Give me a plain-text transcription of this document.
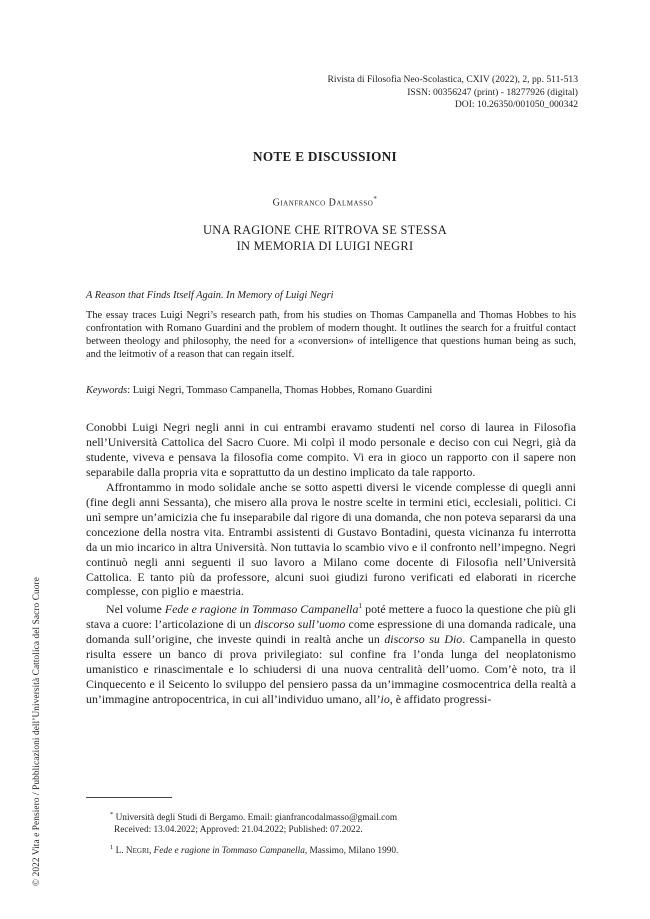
Rivista di Filosofia Neo-Scolastica, CXIV (2022), 2, pp. 511-513
ISSN: 00356247 (print) - 18277926 (digital)
DOI: 10.26350/001050_000342
NOTE E DISCUSSIONI
Gianfranco Dalmasso*
UNA RAGIONE CHE RITROVA SE STESSA
IN MEMORIA DI LUIGI NEGRI
A Reason that Finds Itself Again. In Memory of Luigi Negri
The essay traces Luigi Negri’s research path, from his studies on Thomas Campanella and Thomas Hobbes to his confrontation with Romano Guardini and the problem of modern thought. It outlines the search for a fruitful contact between theology and philosophy, the need for a «conversion» of intelligence that questions human being as such, and the leitmotiv of a reason that can regain itself.
Keywords: Luigi Negri, Tommaso Campanella, Thomas Hobbes, Romano Guardini

Conobbi Luigi Negri negli anni in cui entrambi eravamo studenti nel corso di laurea in Filosofia nell’Università Cattolica del Sacro Cuore. Mi colpì il modo personale e deciso con cui Negri, già da studente, viveva e pensava la filosofia come compito. Vi era in gioco un rapporto con il sapere non separabile dalla propria vita e soprattutto da un destino implicato da tale rapporto.

Affrontammo in modo solidale anche se sotto aspetti diversi le vicende complesse di quegli anni (fine degli anni Sessanta), che misero alla prova le nostre scelte in termini etici, ecclesiali, politici. Ci unì sempre un’amicizia che fu inseparabile dal rigore di una domanda, che non poteva separarsi da una concezione della nostra vita. Entrambi assistenti di Gustavo Bontadini, questa vicinanza fu interrotta da un mio incarico in altra Università. Non tuttavia lo scambio vivo e il confronto nell’impegno. Negri continuò negli anni seguenti il suo lavoro a Milano come docente di Filosofia nell’Università Cattolica. E tanto più da professore, alcuni suoi giudizi furono verificati ed elaborati in ricerche complesse, con piglio e maestria.

Nel volume Fede e ragione in Tommaso Campanella$^1$ poté mettere a fuoco la questione che più gli stava a cuore: l’articolazione di un discorso sull’uomo come espressione di una domanda radicale, una domanda sull’origine, che investe quindi in realtà anche un discorso su Dio. Campanella in questo risulta essere un banco di prova privilegiato: sul confine fra l’onda lunga del neoplatonismo umanistico e rinascimentale e lo schiudersi di una nuova centralità dell’uomo. Com’è noto, tra il Cinquecento e il Seicento lo sviluppo del pensiero passa da un’immagine cosmocentrica della realtà a un’immagine antropocentrica, in cui all’individuo umano, all’io, è affidato progressi-

* Università degli Studi di Bergamo. Email: gianfrancodalmasso@gmail.com
Received: 13.04.2022; Approved: 21.04.2022; Published: 07.2022.
$^1$ L. Negri, Fede e ragione in Tommaso Campanella, Massimo, Milano 1990.
© 2022 Vita e Pensiero / Pubblicazioni dell’Università Cattolica del Sacro Cuore
